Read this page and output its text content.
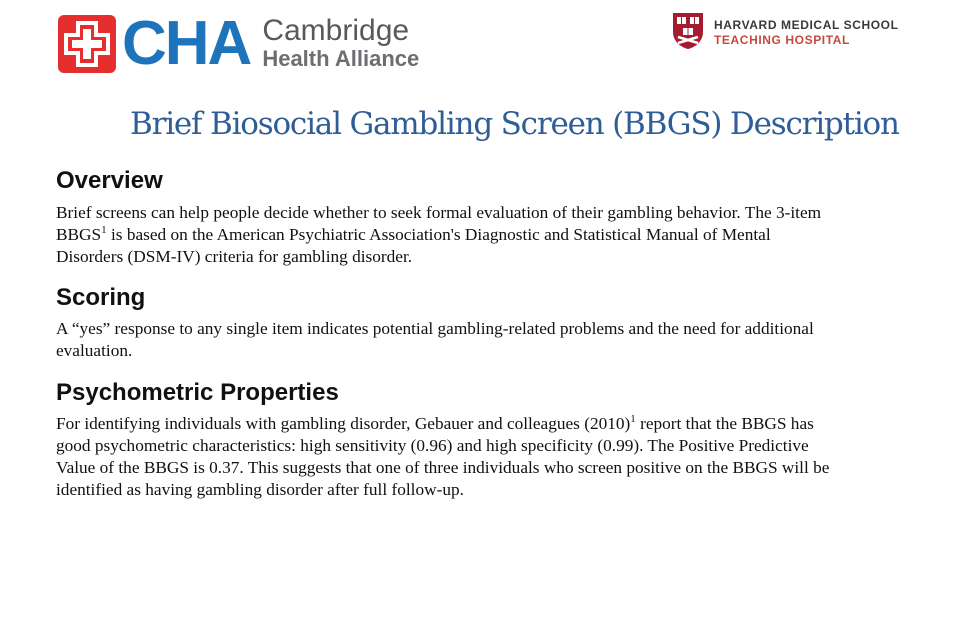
CHA Cambridge
Health Alliance
HARVARD MEDICAL SCHOOL
TEACHING HOSPITAL
Brief Biosocial Gambling Screen (BBGS) Description
Overview
Brief screens can help people decide whether to seek formal evaluation of their gambling behavior. The 3-item
BBGS$^1$ is based on the American Psychiatric Association's Diagnostic and Statistical Manual of Mental
Disorders (DSM-IV) criteria for gambling disorder.
Scoring
A “yes” response to any single item indicates potential gambling-related problems and the need for additional
evaluation.
Psychometric Properties
For identifying individuals with gambling disorder, Gebauer and colleagues $(2010)^1$ report that the BBGS has
good psychometric characteristics: high sensitivity (0.96) and high specificity (0.99). The Positive Predictive
Value of the BBGS is 0.37. This suggests that one of three individuals who screen positive on the BBGS will be
identified as having gambling disorder after full follow-up.
